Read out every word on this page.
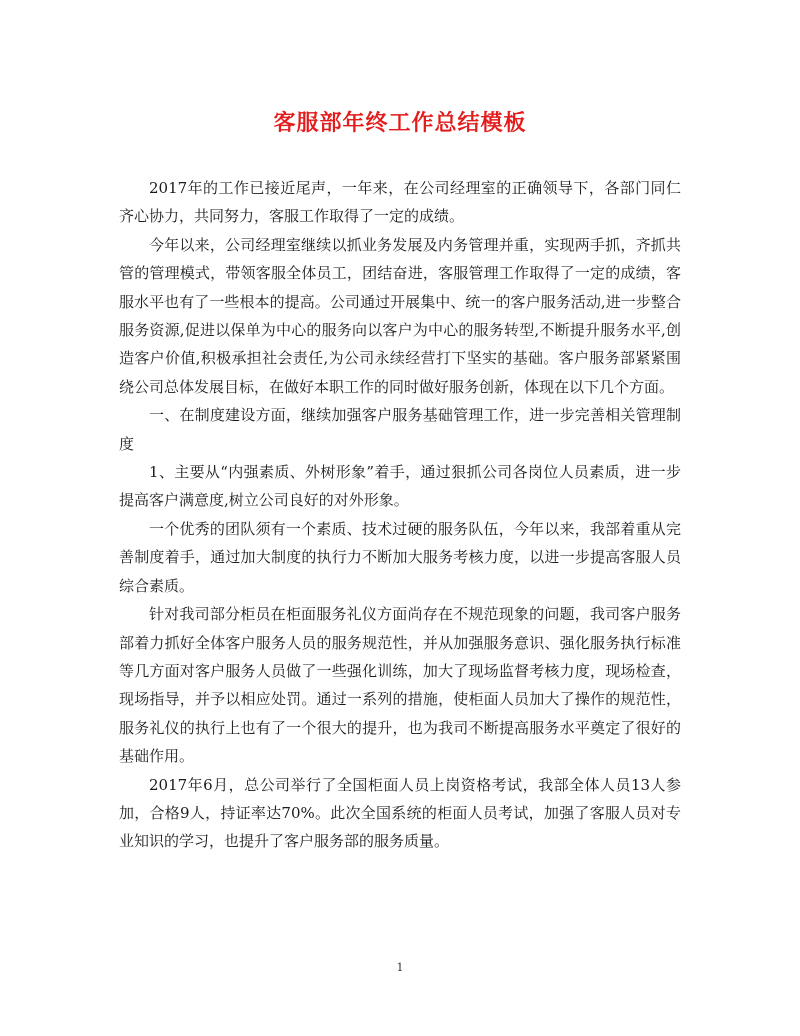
客服部年终工作总结模板

2017年的工作已接近尾声，一年来，在公司经理室的正确领导下，各部门同仁齐心协力，共同努力，客服工作取得了一定的成绩。

今年以来，公司经理室继续以抓业务发展及内务管理并重，实现两手抓，齐抓共管的管理模式，带领客服全体员工，团结奋进，客服管理工作取得了一定的成绩，客服水平也有了一些根本的提高。公司通过开展集中、统一的客户服务活动,进一步整合服务资源,促进以保单为中心的服务向以客户为中心的服务转型,不断提升服务水平,创造客户价值,积极承担社会责任,为公司永续经营打下坚实的基础。客户服务部紧紧围绕公司总体发展目标，在做好本职工作的同时做好服务创新，体现在以下几个方面。

一、在制度建设方面，继续加强客户服务基础管理工作，进一步完善相关管理制度

1、主要从“内强素质、外树形象”着手，通过狠抓公司各岗位人员素质，进一步提高客户满意度,树立公司良好的对外形象。

一个优秀的团队须有一个素质、技术过硬的服务队伍，今年以来，我部着重从完善制度着手，通过加大制度的执行力不断加大服务考核力度，以进一步提高客服人员综合素质。

针对我司部分柜员在柜面服务礼仪方面尚存在不规范现象的问题，我司客户服务部着力抓好全体客户服务人员的服务规范性，并从加强服务意识、强化服务执行标准等几方面对客户服务人员做了一些强化训练，加大了现场监督考核力度，现场检查，现场指导，并予以相应处罚。通过一系列的措施，使柜面人员加大了操作的规范性，服务礼仪的执行上也有了一个很大的提升，也为我司不断提高服务水平奠定了很好的基础作用。

2017年6月，总公司举行了全国柜面人员上岗资格考试，我部全体人员13人参加，合格9人，持证率达70%。此次全国系统的柜面人员考试，加强了客服人员对专业知识的学习，也提升了客户服务部的服务质量。

1
